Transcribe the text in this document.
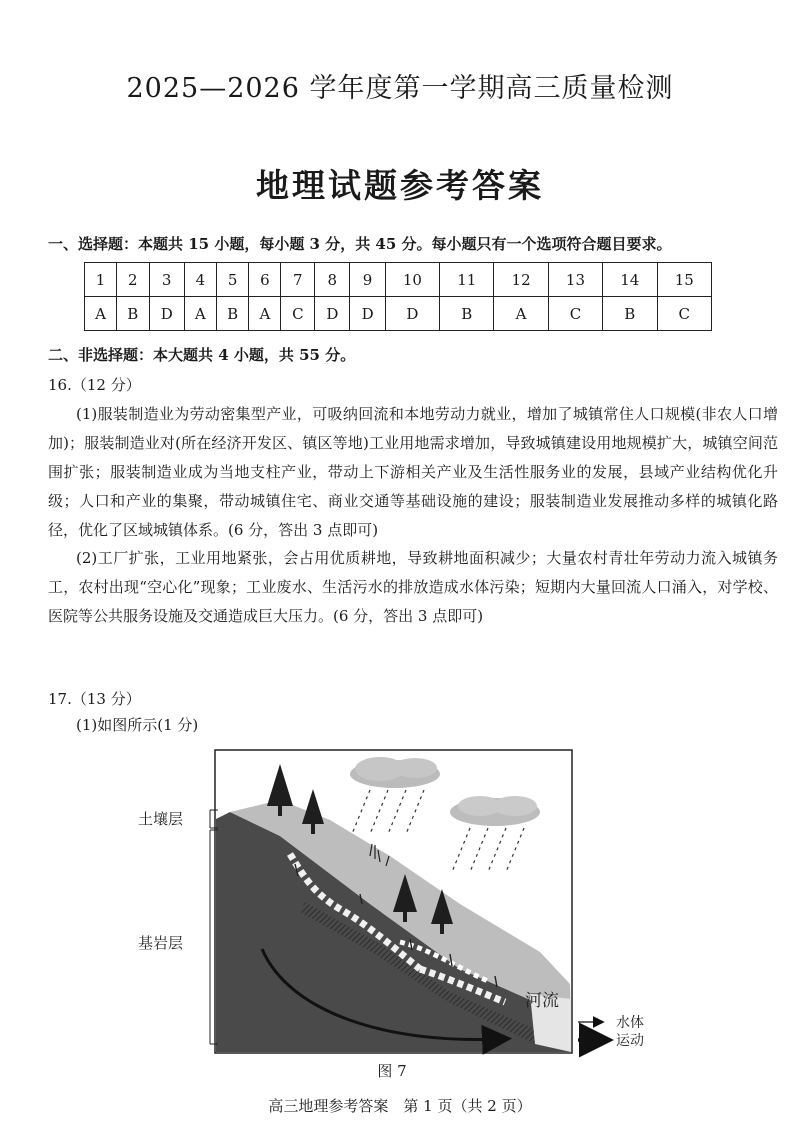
2025—2026 学年度第一学期高三质量检测
地理试题参考答案
一、选择题：本题共 15 小题，每小题 3 分，共 45 分。每小题只有一个选项符合题目要求。
1	2	3	4	5	6	7	8	9	10	11	12	13	14	15
A	B	D	A	B	A	C	D	D	D	B	A	C	B	C
二、非选择题：本大题共 4 小题，共 55 分。
16.（12 分）
(1)服装制造业为劳动密集型产业，可吸纳回流和本地劳动力就业，增加了城镇常住人口规模(非农人口增加)；服装制造业对(所在经济开发区、镇区等地)工业用地需求增加，导致城镇建设用地规模扩大，城镇空间范围扩张；服装制造业成为当地支柱产业，带动上下游相关产业及生活性服务业的发展，县域产业结构优化升级；人口和产业的集聚，带动城镇住宅、商业交通等基础设施的建设；服装制造业发展推动多样的城镇化路径，优化了区域城镇体系。(6 分，答出 3 点即可)
(2)工厂扩张，工业用地紧张，会占用优质耕地，导致耕地面积减少；大量农村青壮年劳动力流入城镇务工，农村出现“空心化”现象；工业废水、生活污水的排放造成水体污染；短期内大量回流人口涌入，对学校、医院等公共服务设施及交通造成巨大压力。(6 分，答出 3 点即可)
17.（13 分）
(1)如图所示(1 分)
土壤层
基岩层
河流
水体
运动
图 7
高三地理参考答案　第 1 页（共 2 页）
